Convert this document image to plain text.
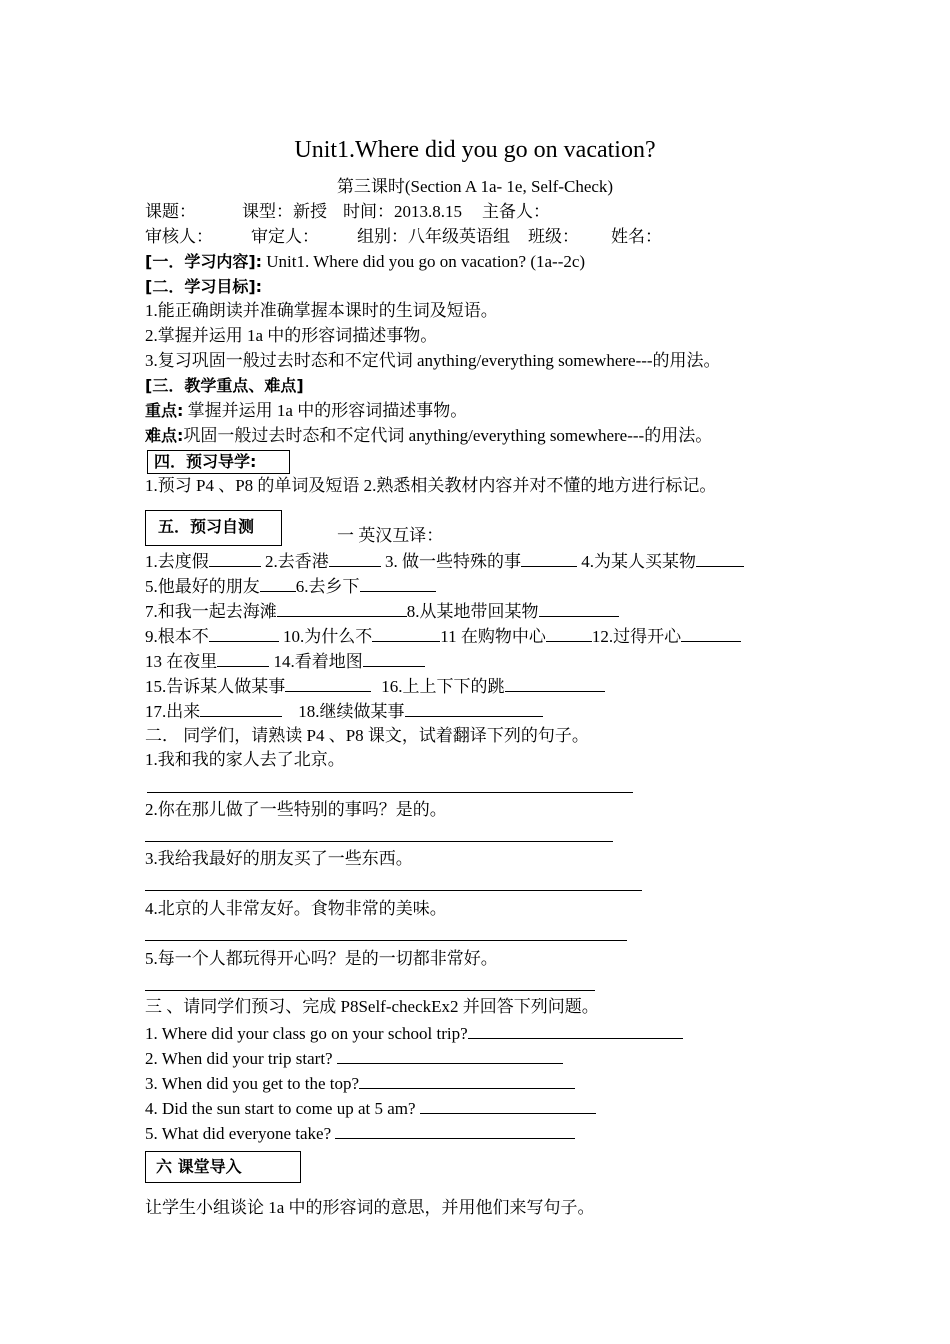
Unit1.Where did you go on vacation?
第三课时(Section A 1a- 1e, Self-Check)
课题：	课型：新授 时间：2013.8.15 主备人：
审核人： 审定人： 组别：八年级英语组 班级： 姓名：
[一．学习内容]: Unit1. Where did you go on vacation? (1a--2c)
[二．学习目标]:
1.能正确朗读并准确掌握本课时的生词及短语。
2.掌握并运用 1a 中的形容词描述事物。
3.复习巩固一般过去时态和不定代词 anything/everything somewhere---的用法。
[三．教学重点、难点]
重点: 掌握并运用 1a 中的形容词描述事物。
难点:巩固一般过去时态和不定代词 anything/everything somewhere---的用法。
四．预习导学:
1.预习 P4 、P8 的单词及短语 2.熟悉相关教材内容并对不懂的地方进行标记。
五．预习自测	一 英汉互译：
1.去度假	2.去香港	3. 做一些特殊的事	4.为某人买某物
5.他最好的朋友 6.去乡下
7.和我一起去海滩	8.从某地带回某物
9.根本不	10.为什么不	11 在购物中心	12.过得开心
13 在夜里	14.看着地图
15.告诉某人做某事	16.上上下下的跳
17.出来	18.继续做某事
二． 同学们，请熟读 P4 、P8 课文，试着翻译下列的句子。
1.我和我的家人去了北京。
2.你在那儿做了一些特别的事吗？是的。
3.我给我最好的朋友买了一些东西。
4.北京的人非常友好。食物非常的美味。
5.每一个人都玩得开心吗？是的一切都非常好。
三 、请同学们预习、完成 P8Self-checkEx2 并回答下列问题。
1. Where did your class go on your school trip?
2. When did your trip start?
3. When did you get to the top?
4. Did the sun start to come up at 5 am?
5. What did everyone take?
六 课堂导入
让学生小组谈论 1a 中的形容词的意思，并用他们来写句子。
